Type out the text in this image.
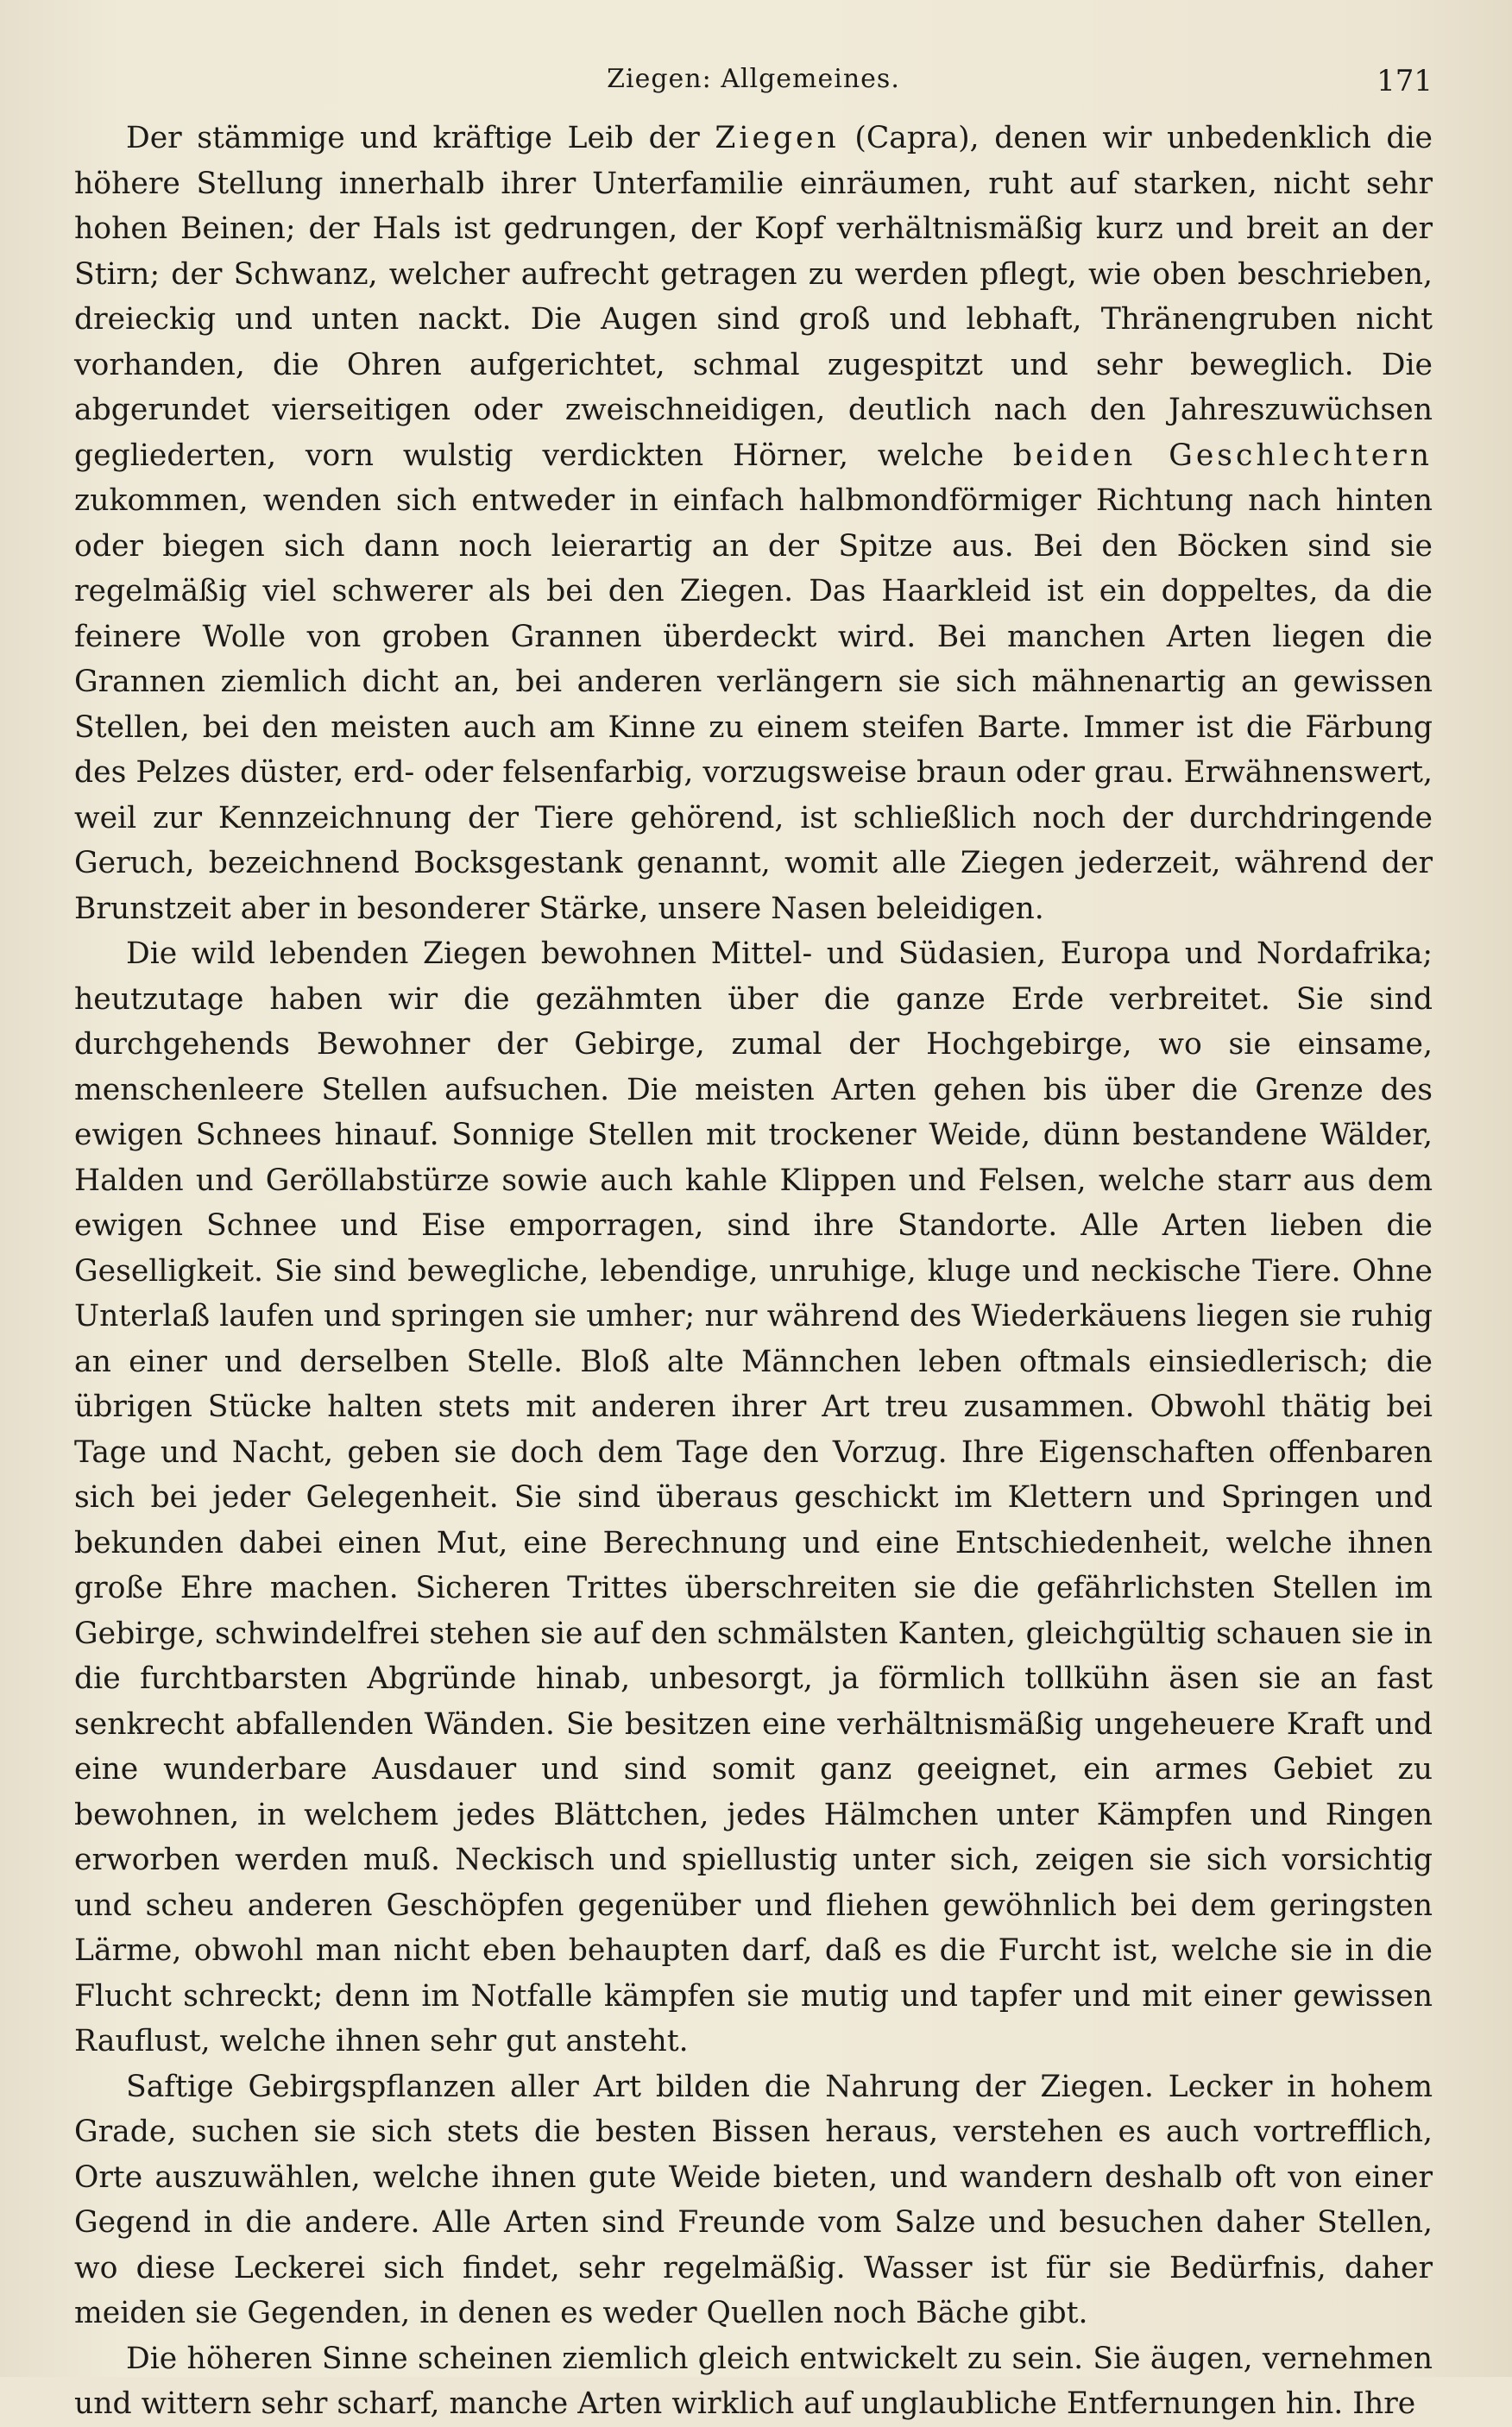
Ziegen: Allgemeines.	171

Der stämmige und kräftige Leib der Ziegen (Capra), denen wir unbedenklich die höhere Stellung innerhalb ihrer Unterfamilie einräumen, ruht auf starken, nicht sehr hohen Beinen; der Hals ist gedrungen, der Kopf verhältnismäßig kurz und breit an der Stirn; der Schwanz, welcher aufrecht getragen zu werden pflegt, wie oben beschrieben, dreieckig und unten nackt. Die Augen sind groß und lebhaft, Thränengruben nicht vorhanden, die Ohren aufgerichtet, schmal zugespitzt und sehr beweglich. Die abgerundet vierseitigen oder zweischneidigen, deutlich nach den Jahreszuwüchsen gegliederten, vorn wulstig verdickten Hörner, welche beiden Geschlechtern zukommen, wenden sich entweder in einfach halbmondförmiger Richtung nach hinten oder biegen sich dann noch leierartig an der Spitze aus. Bei den Böcken sind sie regelmäßig viel schwerer als bei den Ziegen. Das Haarkleid ist ein doppeltes, da die feinere Wolle von groben Grannen überdeckt wird. Bei manchen Arten liegen die Grannen ziemlich dicht an, bei anderen verlängern sie sich mähnenartig an gewissen Stellen, bei den meisten auch am Kinne zu einem steifen Barte. Immer ist die Färbung des Pelzes düster, erd- oder felsenfarbig, vorzugsweise braun oder grau. Erwähnenswert, weil zur Kennzeichnung der Tiere gehörend, ist schließlich noch der durchdringende Geruch, bezeichnend Bocksgestank genannt, womit alle Ziegen jederzeit, während der Brunstzeit aber in besonderer Stärke, unsere Nasen beleidigen.

Die wild lebenden Ziegen bewohnen Mittel- und Südasien, Europa und Nordafrika; heutzutage haben wir die gezähmten über die ganze Erde verbreitet. Sie sind durchgehends Bewohner der Gebirge, zumal der Hochgebirge, wo sie einsame, menschenleere Stellen aufsuchen. Die meisten Arten gehen bis über die Grenze des ewigen Schnees hinauf. Sonnige Stellen mit trockener Weide, dünn bestandene Wälder, Halden und Geröllabstürze sowie auch kahle Klippen und Felsen, welche starr aus dem ewigen Schnee und Eise emporragen, sind ihre Standorte. Alle Arten lieben die Geselligkeit. Sie sind bewegliche, lebendige, unruhige, kluge und neckische Tiere. Ohne Unterlaß laufen und springen sie umher; nur während des Wiederkäuens liegen sie ruhig an einer und derselben Stelle. Bloß alte Männchen leben oftmals einsiedlerisch; die übrigen Stücke halten stets mit anderen ihrer Art treu zusammen. Obwohl thätig bei Tage und Nacht, geben sie doch dem Tage den Vorzug. Ihre Eigenschaften offenbaren sich bei jeder Gelegenheit. Sie sind überaus geschickt im Klettern und Springen und bekunden dabei einen Mut, eine Berechnung und eine Entschiedenheit, welche ihnen große Ehre machen. Sicheren Trittes überschreiten sie die gefährlichsten Stellen im Gebirge, schwindelfrei stehen sie auf den schmälsten Kanten, gleichgültig schauen sie in die furchtbarsten Abgründe hinab, unbesorgt, ja förmlich tollkühn äsen sie an fast senkrecht abfallenden Wänden. Sie besitzen eine verhältnismäßig ungeheuere Kraft und eine wunderbare Ausdauer und sind somit ganz geeignet, ein armes Gebiet zu bewohnen, in welchem jedes Blättchen, jedes Hälmchen unter Kämpfen und Ringen erworben werden muß. Neckisch und spiellustig unter sich, zeigen sie sich vorsichtig und scheu anderen Geschöpfen gegenüber und fliehen gewöhnlich bei dem geringsten Lärme, obwohl man nicht eben behaupten darf, daß es die Furcht ist, welche sie in die Flucht schreckt; denn im Notfalle kämpfen sie mutig und tapfer und mit einer gewissen Rauflust, welche ihnen sehr gut ansteht.

Saftige Gebirgspflanzen aller Art bilden die Nahrung der Ziegen. Lecker in hohem Grade, suchen sie sich stets die besten Bissen heraus, verstehen es auch vortrefflich, Orte auszuwählen, welche ihnen gute Weide bieten, und wandern deshalb oft von einer Gegend in die andere. Alle Arten sind Freunde vom Salze und besuchen daher Stellen, wo diese Leckerei sich findet, sehr regelmäßig. Wasser ist für sie Bedürfnis, daher meiden sie Gegenden, in denen es weder Quellen noch Bäche gibt.

Die höheren Sinne scheinen ziemlich gleich entwickelt zu sein. Sie äugen, vernehmen und wittern sehr scharf, manche Arten wirklich auf unglaubliche Entfernungen hin. Ihre
